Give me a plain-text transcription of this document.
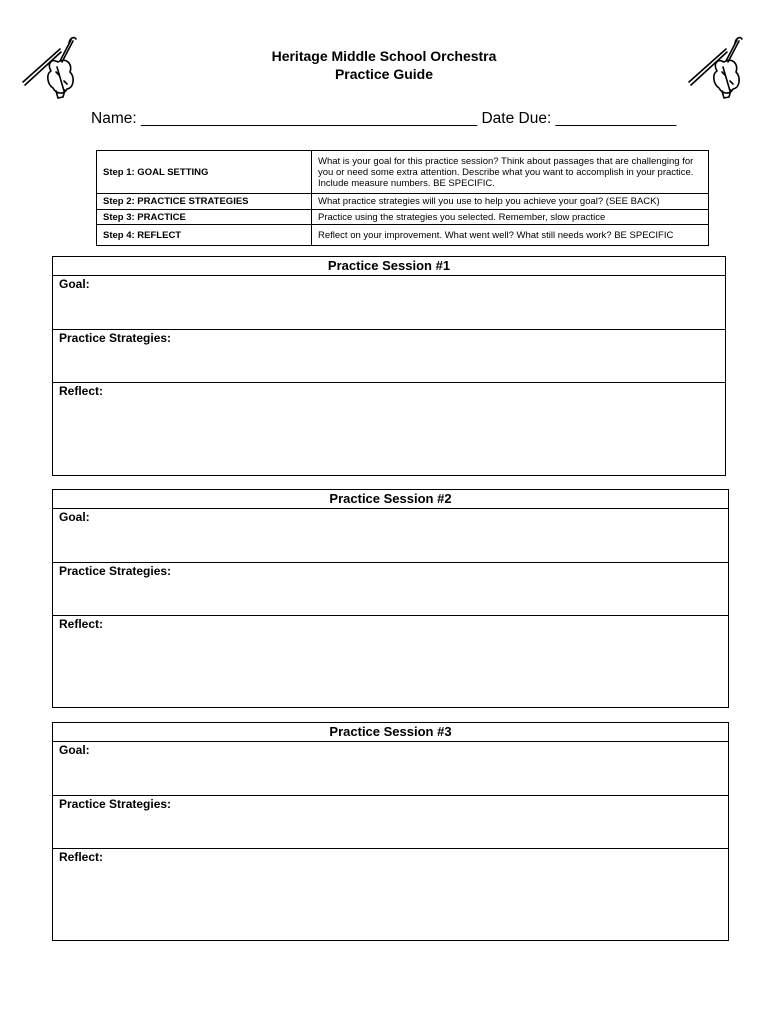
Heritage Middle School Orchestra
Practice Guide
Name: _______________________________________ Date Due: ______________
Step 1: GOAL SETTING	What is your goal for this practice session? Think about passages that are challenging for you or need some extra attention. Describe what you want to accomplish in your practice. Include measure numbers. BE SPECIFIC.
Step 2: PRACTICE STRATEGIES	What practice strategies will you use to help you achieve your goal? (SEE BACK)
Step 3: PRACTICE	Practice using the strategies you selected. Remember, slow practice
Step 4: REFLECT	Reflect on your improvement. What went well? What still needs work? BE SPECIFIC
Practice Session #1
Goal:
Practice Strategies:
Reflect:
Practice Session #2
Goal:
Practice Strategies:
Reflect:
Practice Session #3
Goal:
Practice Strategies:
Reflect:
